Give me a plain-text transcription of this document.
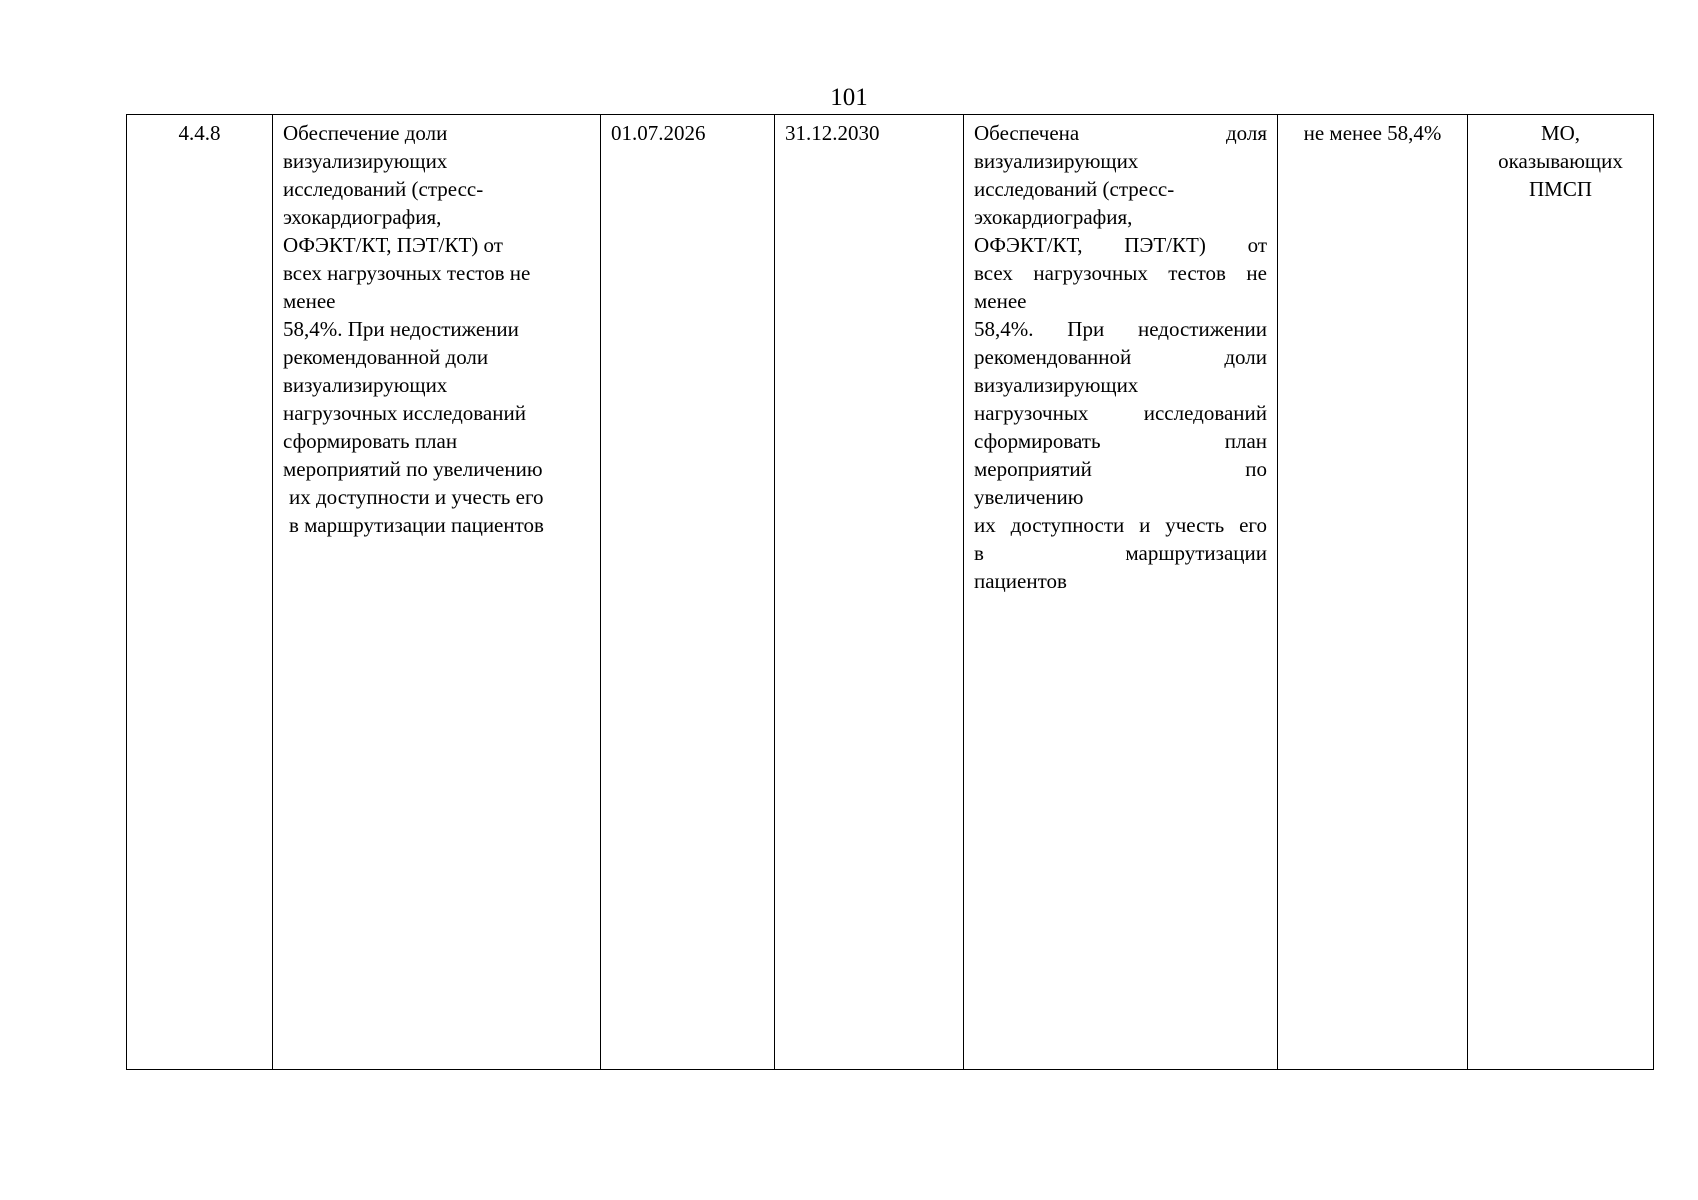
101
4.4.8	Обеспечение доли
визуализирующих
исследований (стресс-
эхокардиография,
ОФЭКТ/КТ, ПЭТ/КТ) от
всех нагрузочных тестов не
менее
58,4%. При недостижении
рекомендованной доли
визуализирующих
нагрузочных исследований
сформировать план
мероприятий по увеличению
их доступности и учесть его
в маршрутизации пациентов
	01.07.2026	31.12.2030	Обеспечена доля
визуализирующих
исследований (стресс-
эхокардиография,
ОФЭКТ/КТ, ПЭТ/КТ) от
всех нагрузочных тестов не
менее
58,4%. При недостижении
рекомендованной доли
визуализирующих
нагрузочных исследований
сформировать план
мероприятий по
увеличению
их доступности и учесть его
в маршрутизации
пациентов
	не менее 58,4%	МО,
оказывающих
ПМСП
